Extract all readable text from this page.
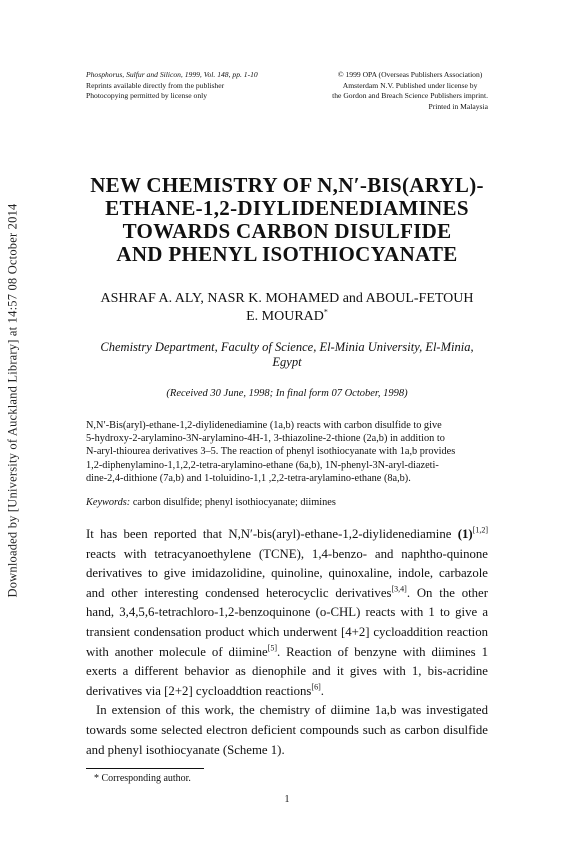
Downloaded by [University of Auckland Library] at 14:57 08 October 2014
Phosphorus, Sulfur and Silicon, 1999, Vol. 148, pp. 1-10
Reprints available directly from the publisher
Photocopying permitted by license only
© 1999 OPA (Overseas Publishers Association)
Amsterdam N.V. Published under license by
the Gordon and Breach Science Publishers imprint.
Printed in Malaysia
NEW CHEMISTRY OF N,N′-BIS(ARYL)-
ETHANE-1,2-DIYLIDENEDIAMINES
TOWARDS CARBON DISULFIDE
AND PHENYL ISOTHIOCYANATE
ASHRAF A. ALY, NASR K. MOHAMED and ABOUL-FETOUH
E. MOURAD*
Chemistry Department, Faculty of Science, El-Minia University, El-Minia, Egypt
(Received 30 June, 1998; In final form 07 October, 1998)
N,N′-Bis(aryl)-ethane-1,2-diylidenediamine (1a,b) reacts with carbon disulfide to give
5-hydroxy-2-arylamino-3N-arylamino-4H-1, 3-thiazoline-2-thione (2a,b) in addition to
N-aryl-thiourea derivatives 3–5. The reaction of phenyl isothiocyanate with 1a,b provides
1,2-diphenylamino-1,1,2,2-tetra-arylamino-ethane (6a,b), 1N-phenyl-3N-aryl-diazeti-
dine-2,4-dithione (7a,b) and 1-toluidino-1,1 ,2,2-tetra-arylamino-ethane (8a,b).
Keywords: carbon disulfide; phenyl isothiocyanate; diimines
It has been reported that N,N′-bis(aryl)-ethane-1,2-diylidenediamine (1)[1,2] reacts with tetracyanoethylene (TCNE), 1,4-benzo- and naphtho-quinone derivatives to give imidazolidine, quinoline, quinoxaline, indole, carbazole and other interesting condensed heterocyclic derivatives[3,4]. On the other hand, 3,4,5,6-tetrachloro-1,2-benzoquinone (o-CHL) reacts with 1 to give a transient condensation product which underwent [4+2] cycloaddition reaction with another molecule of diimine[5]. Reaction of benzyne with diimines 1 exerts a different behavior as dienophile and it gives with 1, bis-acridine derivatives via [2+2] cycloaddtion reactions[6].
In extension of this work, the chemistry of diimine 1a,b was investigated towards some selected electron deficient compounds such as carbon disulfide and phenyl isothiocyanate (Scheme 1).
* Corresponding author.
1
